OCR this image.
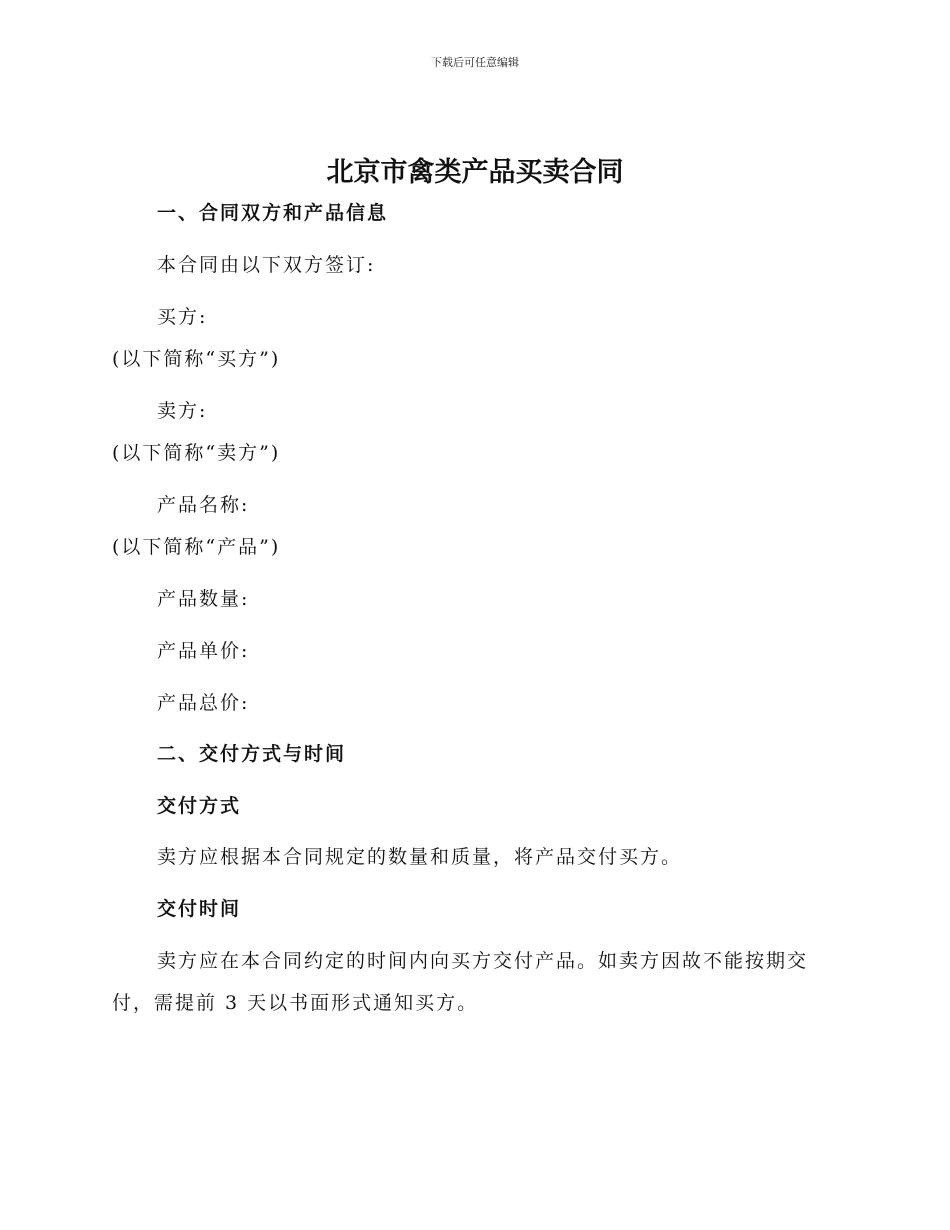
下载后可任意编辑
北京市禽类产品买卖合同
一、合同双方和产品信息
本合同由以下双方签订:
买方:
(以下简称“买方”)
卖方:
(以下简称“卖方”)
产品名称:
(以下简称“产品”)
产品数量:
产品单价:
产品总价:
二、交付方式与时间
交付方式
卖方应根据本合同规定的数量和质量，将产品交付买方。
交付时间
卖方应在本合同约定的时间内向买方交付产品。如卖方因故不能按期交
付，需提前 3 天以书面形式通知买方。
